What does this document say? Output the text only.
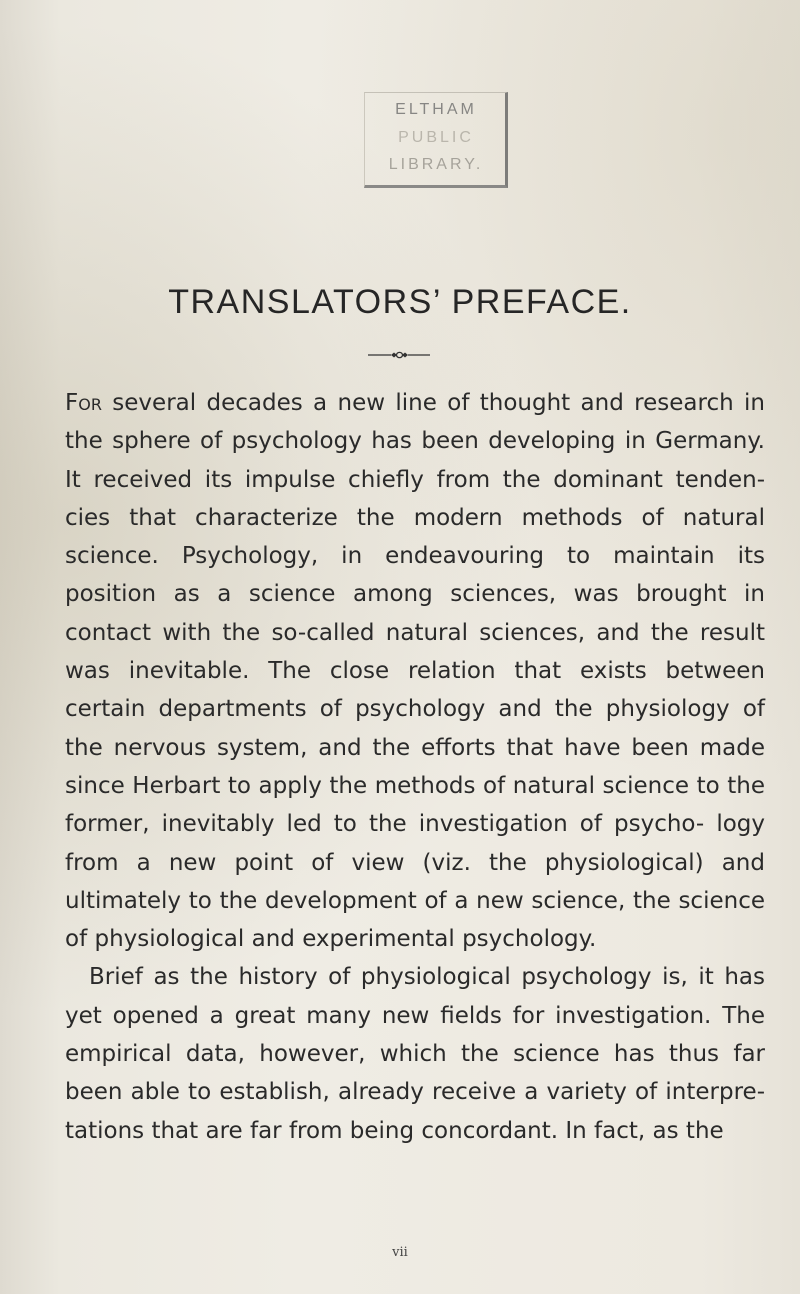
ELTHAM
PUBLIC
LIBRARY.
TRANSLATORS’ PREFACE.

For several decades a new line of thought and research in the sphere of psychology has been developing in Germany. It received its impulse chiefly from the dominant tenden- cies that characterize the modern methods of natural science. Psychology, in endeavouring to maintain its position as a science among sciences, was brought in contact with the so-called natural sciences, and the result was inevitable. The close relation that exists between certain departments of psychology and the physiology of the nervous system, and the efforts that have been made since Herbart to apply the methods of natural science to the former, inevitably led to the investigation of psycho- logy from a new point of view (viz. the physiological) and ultimately to the development of a new science, the science of physiological and experimental psychology.

Brief as the history of physiological psychology is, it has yet opened a great many new fields for investigation. The empirical data, however, which the science has thus far been able to establish, already receive a variety of interpre- tations that are far from being concordant. In fact, as the

vii
